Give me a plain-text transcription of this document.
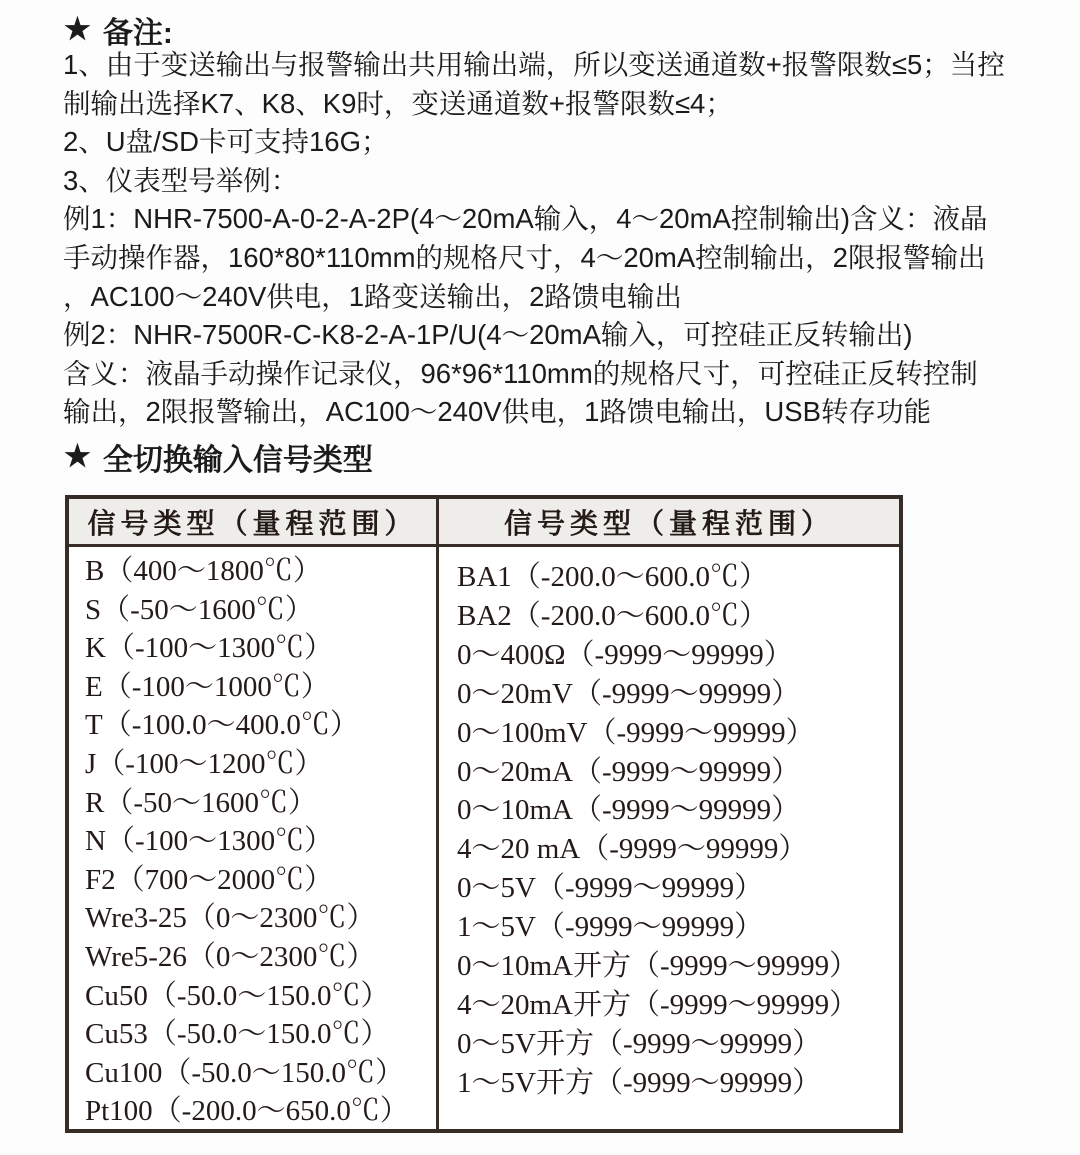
★ 备注:
1、由于变送输出与报警输出共用输出端，所以变送通道数+报警限数≤5；当控
制输出选择K7、K8、K9时，变送通道数+报警限数≤4；
2、U盘/SD卡可支持16G；
3、仪表型号举例：
例1：NHR-7500-A-0-2-A-2P(4～20mA输入，4～20mA控制输出)含义：液晶
手动操作器，160*80*110mm的规格尺寸，4～20mA控制输出，2限报警输出
，AC100～240V供电，1路变送输出，2路馈电输出
例2：NHR-7500R-C-K8-2-A-1P/U(4～20mA输入，可控硅正反转输出)
含义：液晶手动操作记录仪，96*96*110mm的规格尺寸，可控硅正反转控制
输出，2限报警输出，AC100～240V供电，1路馈电输出，USB转存功能
★ 全切换输入信号类型
信号类型（量程范围）	信号类型（量程范围）
B（400～1800℃）
S（-50～1600℃）
K（-100～1300℃）
E（-100～1000℃）
T（-100.0～400.0℃）
J（-100～1200℃）
R（-50～1600℃）
N（-100～1300℃）
F2（700～2000℃）
Wre3-25（0～2300℃）
Wre5-26（0～2300℃）
Cu50（-50.0～150.0℃）
Cu53（-50.0～150.0℃）
Cu100（-50.0～150.0℃）
Pt100（-200.0～650.0℃）
BA1（-200.0～600.0℃）
BA2（-200.0～600.0℃）
0～400Ω（-9999～99999）
0～20mV（-9999～99999）
0～100mV（-9999～99999）
0～20mA（-9999～99999）
0～10mA（-9999～99999）
4～20 mA（-9999～99999）
0～5V（-9999～99999）
1～5V（-9999～99999）
0～10mA开方（-9999～99999）
4～20mA开方（-9999～99999）
0～5V开方（-9999～99999）
1～5V开方（-9999～99999）
